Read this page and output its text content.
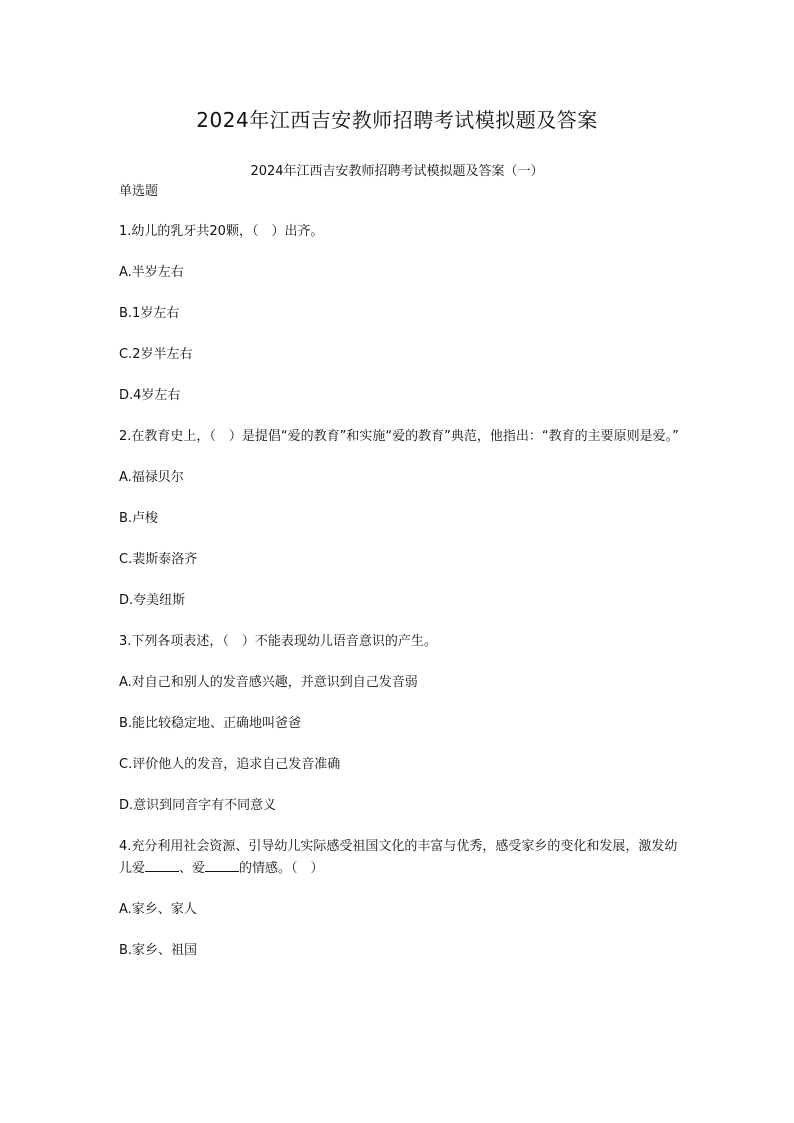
2024年江西吉安教师招聘考试模拟题及答案
2024年江西吉安教师招聘考试模拟题及答案（一）
单选题
1.幼儿的乳牙共20颗，（　）出齐。
A.半岁左右
B.1岁左右
C.2岁半左右
D.4岁左右
2.在教育史上，（　）是提倡“爱的教育”和实施“爱的教育”典范，他指出：“教育的主要原则是爱。”
A.福禄贝尔
B.卢梭
C.裴斯泰洛齐
D.夸美纽斯
3.下列各项表述，（　）不能表现幼儿语音意识的产生。
A.对自己和别人的发音感兴趣，并意识到自己发音弱
B.能比较稳定地、正确地叫爸爸
C.评价他人的发音，追求自己发音准确
D.意识到同音字有不同意义
4.充分利用社会资源、引导幼儿实际感受祖国文化的丰富与优秀，感受家乡的变化和发展，激发幼儿爱	、爱	的情感。（　）
A.家乡、家人
B.家乡、祖国
